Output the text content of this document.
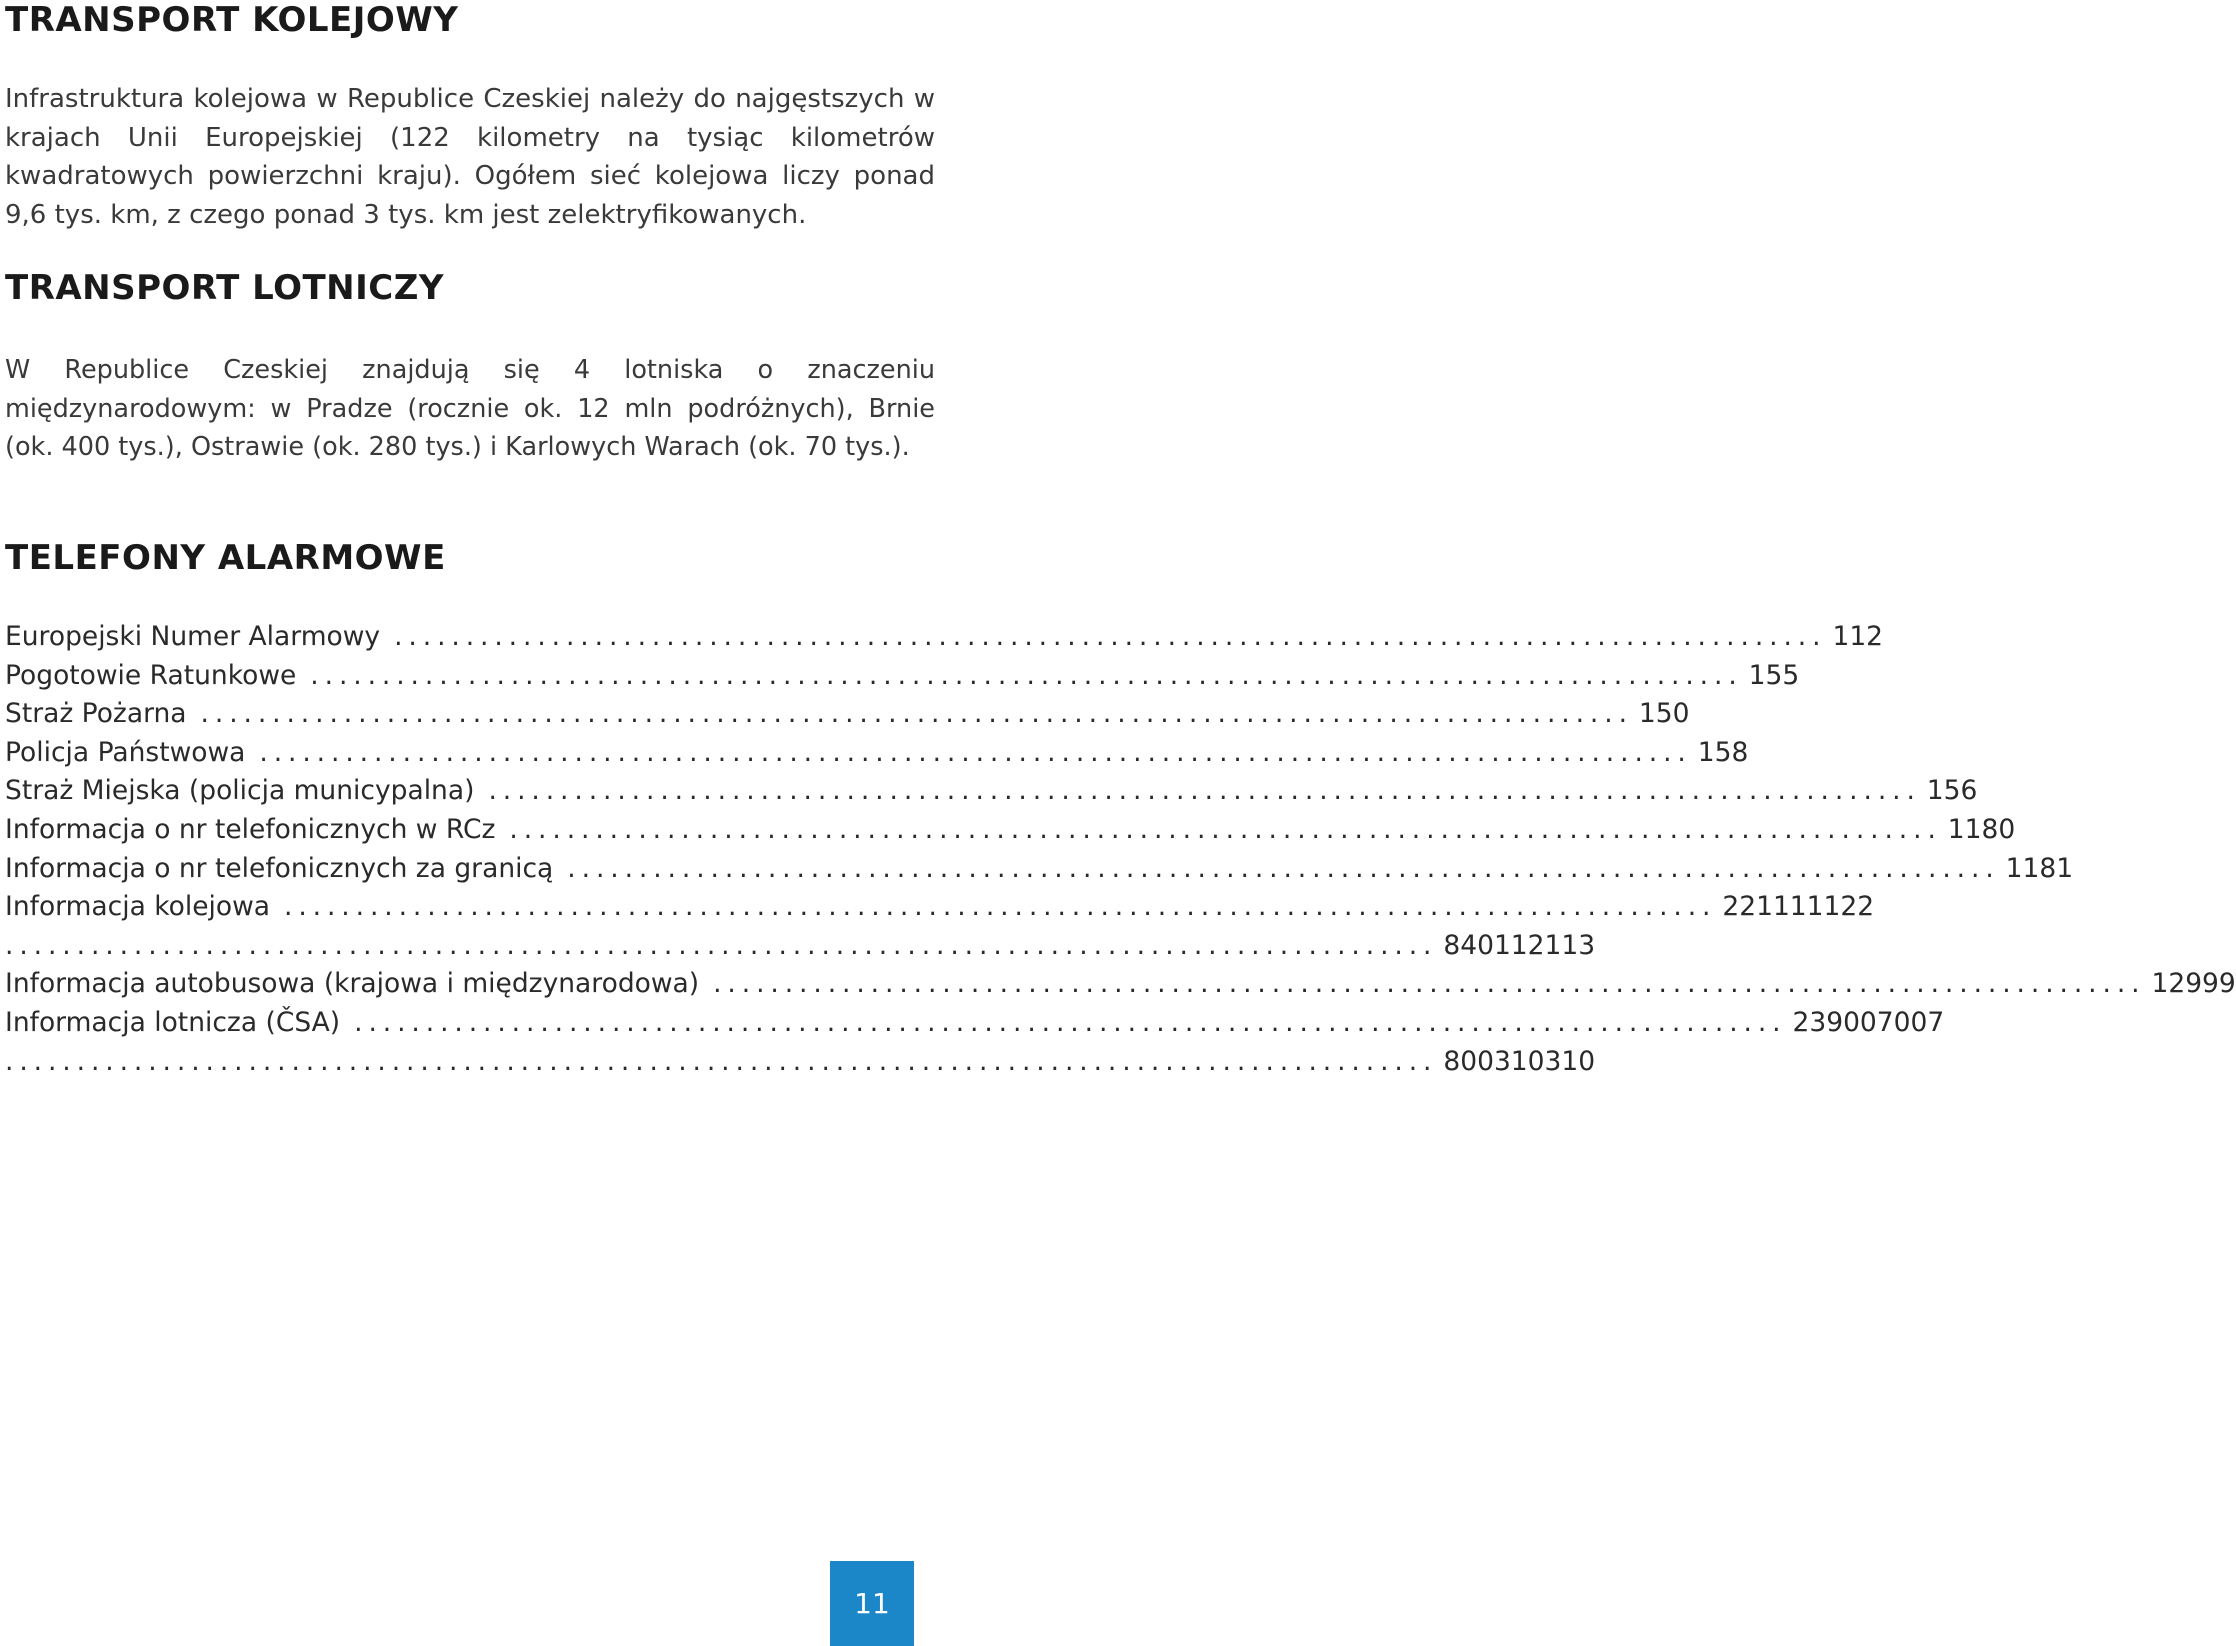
TRANSPORT KOLEJOWY

Infrastruktura kolejowa w Republice Czeskiej należy do najgęstszych w krajach Unii Europejskiej (122 kilometry na tysiąc kilometrów kwadratowych powierzchni kraju). Ogółem sieć kolejowa liczy ponad 9,6 tys. km, z czego ponad 3 tys. km jest zelektryfikowanych.

TRANSPORT LOTNICZY

W Republice Czeskiej znajdują się 4 lotniska o znaczeniu międzynarodowym: w Pradze (rocznie ok. 12 mln podróżnych), Brnie (ok. 400 tys.), Ostrawie (ok. 280 tys.) i Karlowych Warach (ok. 70 tys.).

TELEFONY ALARMOWE
Europejski Numer Alarmowy .................................................................................................... 112
Pogotowie Ratunkowe .................................................................................................... 155
Straż Pożarna .................................................................................................... 150
Policja Państwowa .................................................................................................... 158
Straż Miejska (policja municypalna) .................................................................................................... 156
Informacja o nr telefonicznych w RCz .................................................................................................... 1180
Informacja o nr telefonicznych za granicą .................................................................................................... 1181
Informacja kolejowa .................................................................................................... 221111122
.................................................................................................... 840112113
Informacja autobusowa (krajowa i międzynarodowa) .................................................................................................... 12999
Informacja lotnicza (ČSA) .................................................................................................... 239007007
.................................................................................................... 800310310
11
